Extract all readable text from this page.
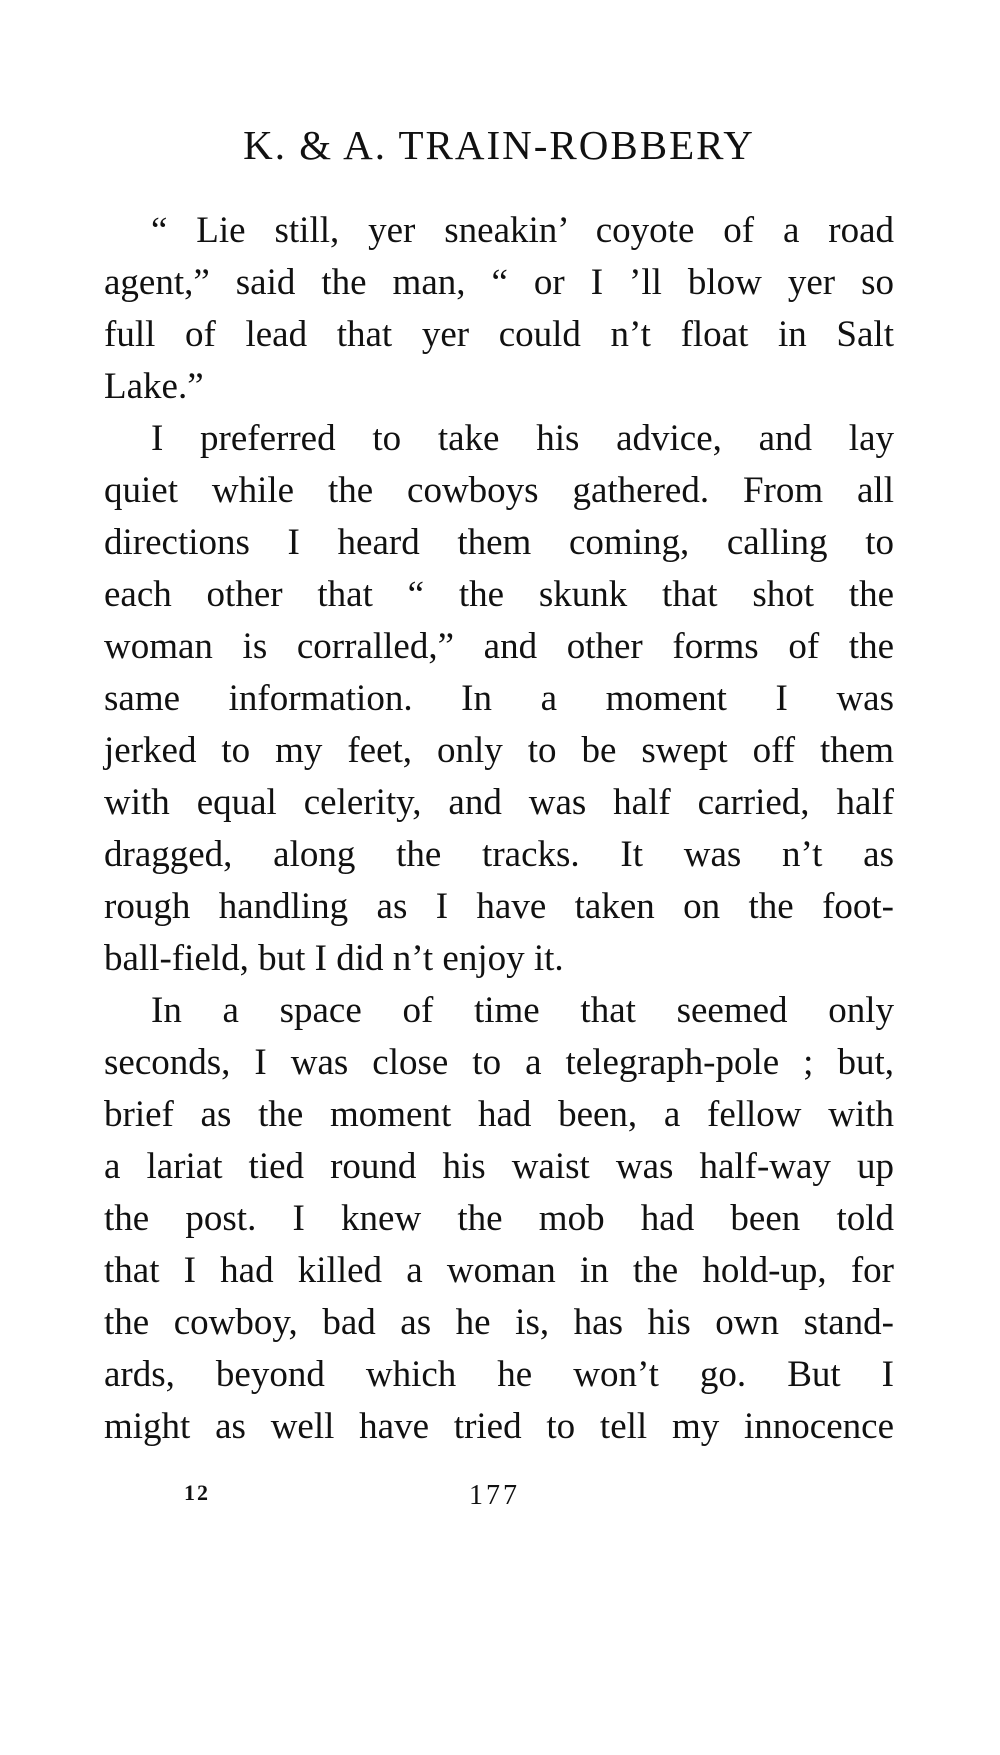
K. & A. TRAIN-ROBBERY

“ Lie still, yer sneakin’ coyote of a road
agent,” said the man, “ or I ’ll blow yer so
full of lead that yer could n’t float in Salt
Lake.”

I preferred to take his advice, and lay
quiet while the cowboys gathered. From all
directions I heard them coming, calling to
each other that “ the skunk that shot the
woman is corralled,” and other forms of the
same information. In a moment I was
jerked to my feet, only to be swept off them
with equal celerity, and was half carried, half
dragged, along the tracks. It was n’t as
rough handling as I have taken on the foot-
ball-field, but I did n’t enjoy it.

In a space of time that seemed only
seconds, I was close to a telegraph-pole ; but,
brief as the moment had been, a fellow with
a lariat tied round his waist was half-way up
the post. I knew the mob had been told
that I had killed a woman in the hold-up, for
the cowboy, bad as he is, has his own stand-
ards, beyond which he won’t go. But I
might as well have tried to tell my innocence

12	177
